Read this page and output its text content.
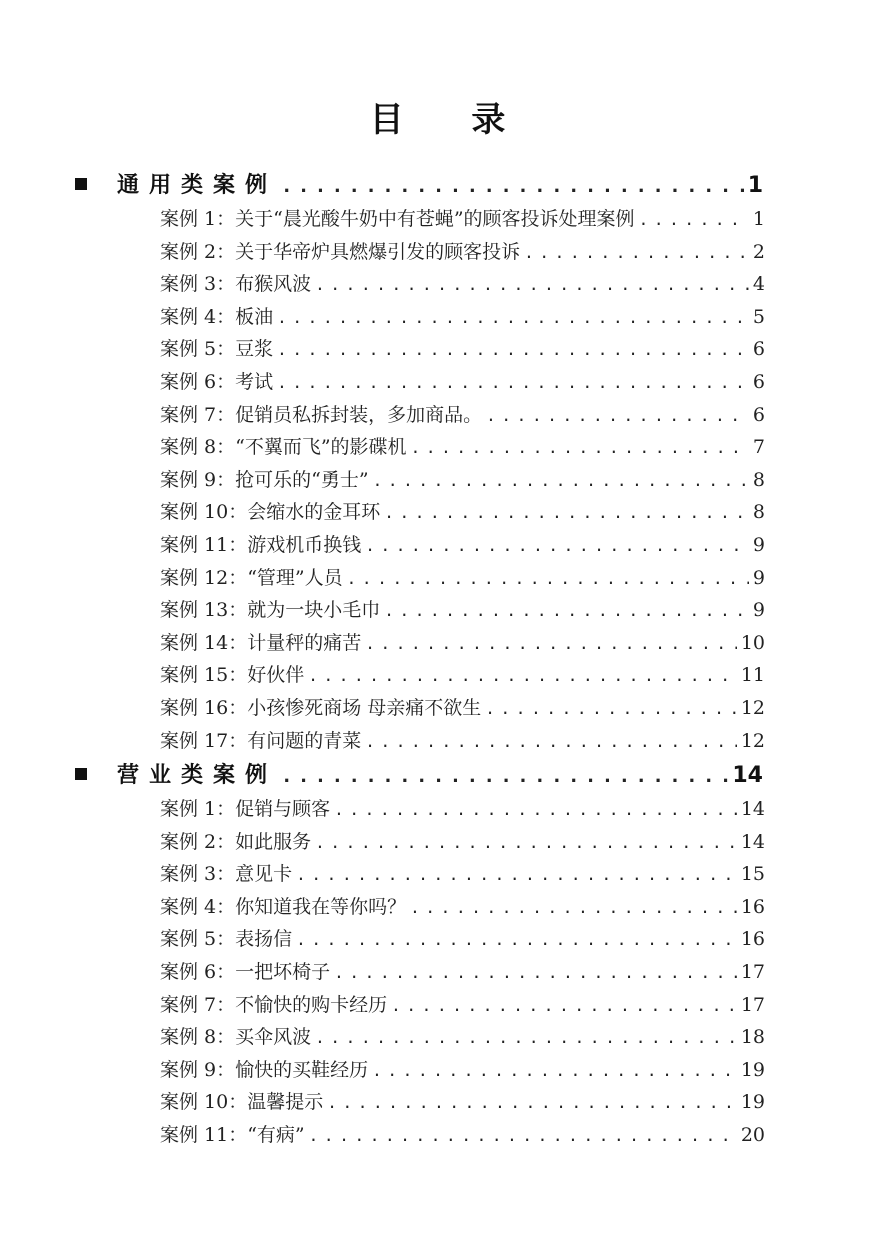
目 录
通用类案例 . . .	1
案例 1：关于“晨光酸牛奶中有苍蝇”的顾客投诉处理案例 . . .	1
案例 2：关于华帝炉具燃爆引发的顾客投诉 . . .	2
案例 3：布猴风波 . . .	4
案例 4：板油 . . .	5
案例 5：豆浆 . . .	6
案例 6：考试 . . .	6
案例 7：促销员私拆封装，多加商品。 . . .	6
案例 8：“不翼而飞”的影碟机 . . .	7
案例 9：抢可乐的“勇士” . . .	8
案例 10：会缩水的金耳环 . . .	8
案例 11：游戏机币换钱 . . .	9
案例 12：“管理”人员 . . .	9
案例 13：就为一块小毛巾 . . .	9
案例 14：计量秤的痛苦 . . .	10
案例 15：好伙伴 . . .	11
案例 16：小孩惨死商场 母亲痛不欲生 . . .	12
案例 17：有问题的青菜 . . .	12
营业类案例 . . .	14
案例 1：促销与顾客 . . .	14
案例 2：如此服务 . . .	14
案例 3：意见卡 . . .	15
案例 4：你知道我在等你吗？ . . .	16
案例 5：表扬信 . . .	16
案例 6：一把坏椅子 . . .	17
案例 7：不愉快的购卡经历 . . .	17
案例 8：买伞风波 . . .	18
案例 9：愉快的买鞋经历 . . .	19
案例 10：温馨提示 . . .	19
案例 11：“有病” . . .	20
